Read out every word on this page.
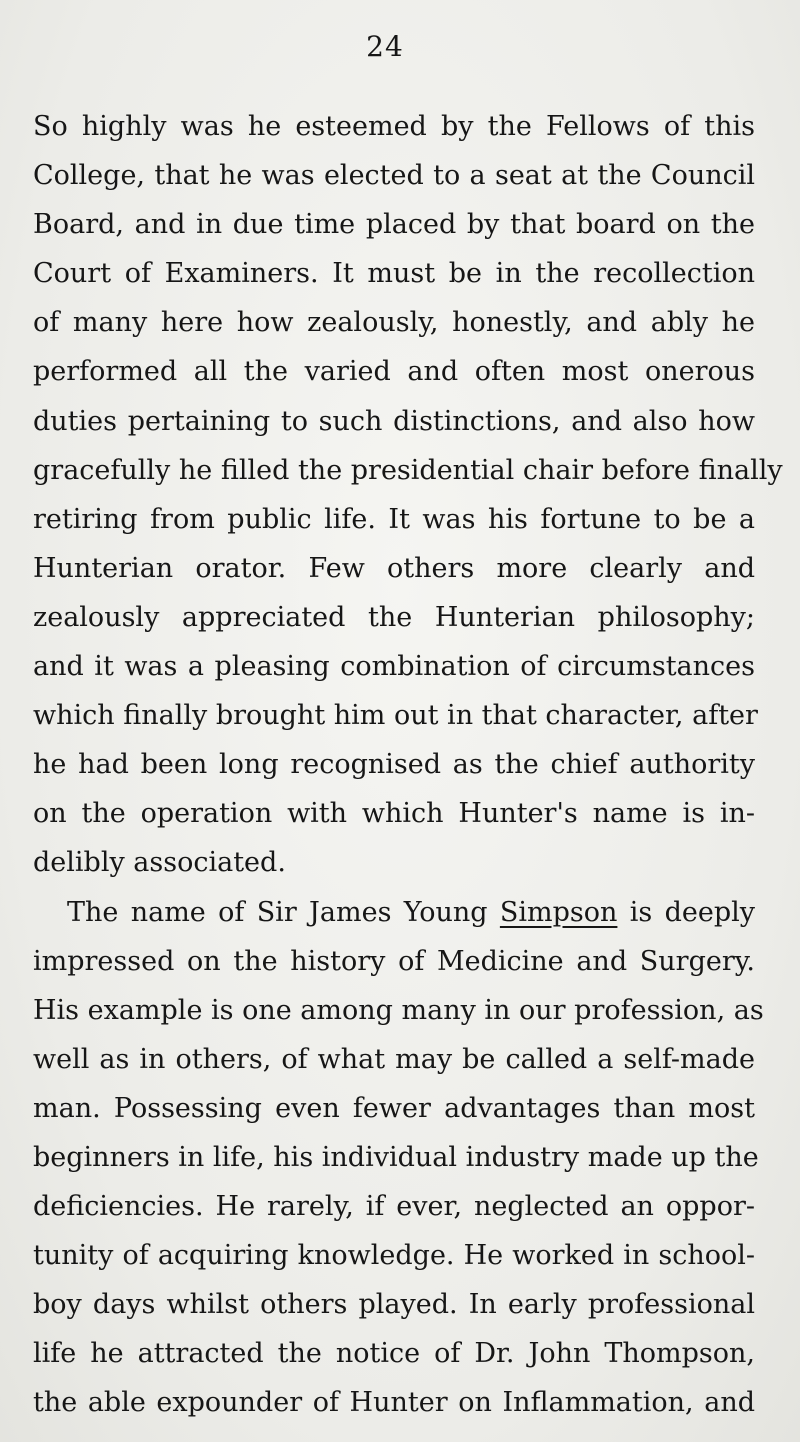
24
So highly was he esteemed by the Fellows of this
College, that he was elected to a seat at the Council
Board, and in due time placed by that board on the
Court of Examiners. It must be in the recollection
of many here how zealously, honestly, and ably he
performed all the varied and often most onerous
duties pertaining to such distinctions, and also how
gracefully he filled the presidential chair before finally
retiring from public life. It was his fortune to be a
Hunterian orator. Few others more clearly and
zealously appreciated the Hunterian philosophy;
and it was a pleasing combination of circumstances
which finally brought him out in that character, after
he had been long recognised as the chief authority
on the operation with which Hunter's name is in-
delibly associated.
The name of Sir James Young Simpson is deeply
impressed on the history of Medicine and Surgery.
His example is one among many in our profession, as
well as in others, of what may be called a self-made
man. Possessing even fewer advantages than most
beginners in life, his individual industry made up the
deficiencies. He rarely, if ever, neglected an oppor-
tunity of acquiring knowledge. He worked in school-
boy days whilst others played. In early professional
life he attracted the notice of Dr. John Thompson,
the able expounder of Hunter on Inflammation, and
